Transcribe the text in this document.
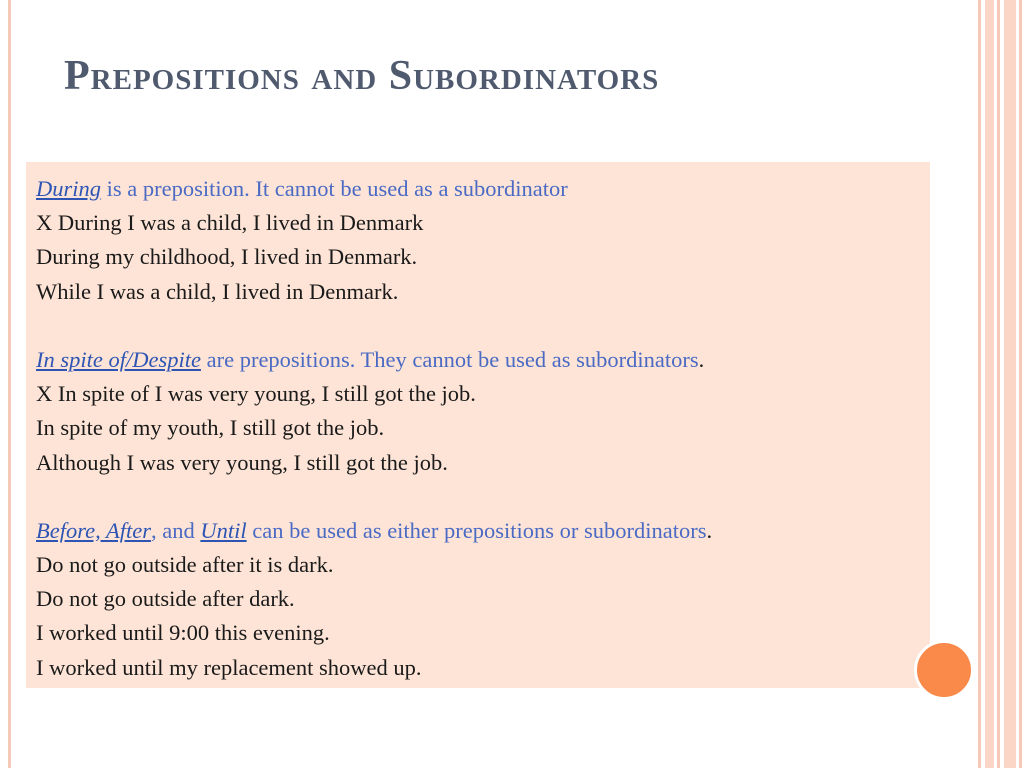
Prepositions and Subordinators
During is a preposition. It cannot be used as a subordinator
X During I was a child, I lived in Denmark
During my childhood, I lived in Denmark.
While I was a child, I lived in Denmark.
In spite of/Despite are prepositions. They cannot be used as subordinators.
X In spite of I was very young, I still got the job.
In spite of my youth, I still got the job.
Although I was very young, I still got the job.
Before, After, and Until can be used as either prepositions or subordinators.
Do not go outside after it is dark.
Do not go outside after dark.
I worked until 9:00 this evening.
I worked until my replacement showed up.
